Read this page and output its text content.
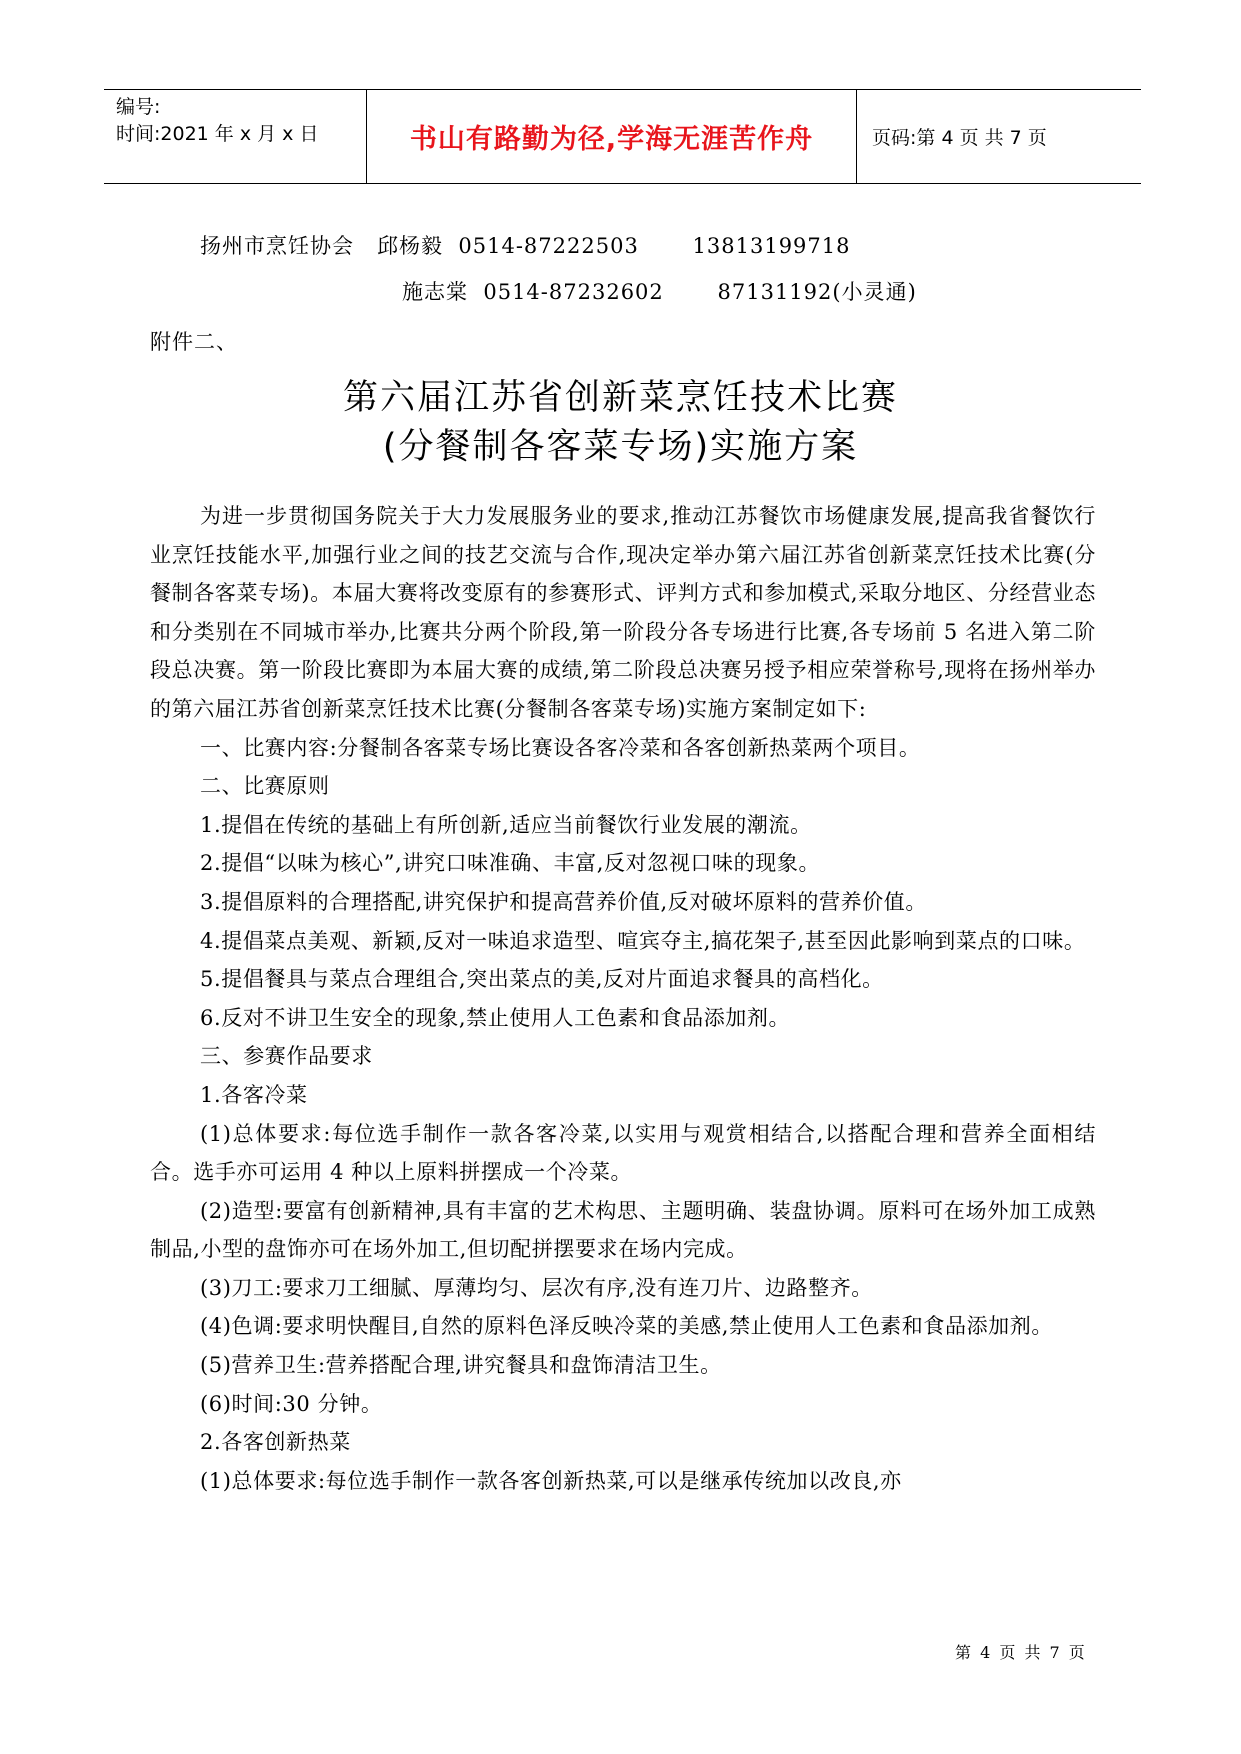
编号:
时间:2021 年 x 月 x 日	书山有路勤为径,学海无涯苦作舟	页码:第 4 页 共 7 页
扬州市烹饪协会   邱杨毅  0514-87222503       13813199718
施志棠  0514-87232602       87131192(小灵通)
附件二、
第六届江苏省创新菜烹饪技术比赛
(分餐制各客菜专场)实施方案

为进一步贯彻国务院关于大力发展服务业的要求,推动江苏餐饮市场健康发展,提高我省餐饮行业烹饪技能水平,加强行业之间的技艺交流与合作,现决定举办第六届江苏省创新菜烹饪技术比赛(分餐制各客菜专场)。本届大赛将改变原有的参赛形式、评判方式和参加模式,采取分地区、分经营业态和分类别在不同城市举办,比赛共分两个阶段,第一阶段分各专场进行比赛,各专场前 5 名进入第二阶段总决赛。第一阶段比赛即为本届大赛的成绩,第二阶段总决赛另授予相应荣誉称号,现将在扬州举办的第六届江苏省创新菜烹饪技术比赛(分餐制各客菜专场)实施方案制定如下:

一、比赛内容:分餐制各客菜专场比赛设各客冷菜和各客创新热菜两个项目。

二、比赛原则

1.提倡在传统的基础上有所创新,适应当前餐饮行业发展的潮流。

2.提倡“以味为核心”,讲究口味准确、丰富,反对忽视口味的现象。

3.提倡原料的合理搭配,讲究保护和提高营养价值,反对破坏原料的营养价值。

4.提倡菜点美观、新颖,反对一味追求造型、喧宾夺主,搞花架子,甚至因此影响到菜点的口味。

5.提倡餐具与菜点合理组合,突出菜点的美,反对片面追求餐具的高档化。

6.反对不讲卫生安全的现象,禁止使用人工色素和食品添加剂。

三、参赛作品要求

1.各客冷菜

(1)总体要求:每位选手制作一款各客冷菜,以实用与观赏相结合,以搭配合理和营养全面相结合。选手亦可运用 4 种以上原料拼摆成一个冷菜。

(2)造型:要富有创新精神,具有丰富的艺术构思、主题明确、装盘协调。原料可在场外加工成熟制品,小型的盘饰亦可在场外加工,但切配拼摆要求在场内完成。

(3)刀工:要求刀工细腻、厚薄均匀、层次有序,没有连刀片、边路整齐。

(4)色调:要求明快醒目,自然的原料色泽反映冷菜的美感,禁止使用人工色素和食品添加剂。

(5)营养卫生:营养搭配合理,讲究餐具和盘饰清洁卫生。

(6)时间:30 分钟。

2.各客创新热菜

(1)总体要求:每位选手制作一款各客创新热菜,可以是继承传统加以改良,亦

第 4 页 共 7 页
